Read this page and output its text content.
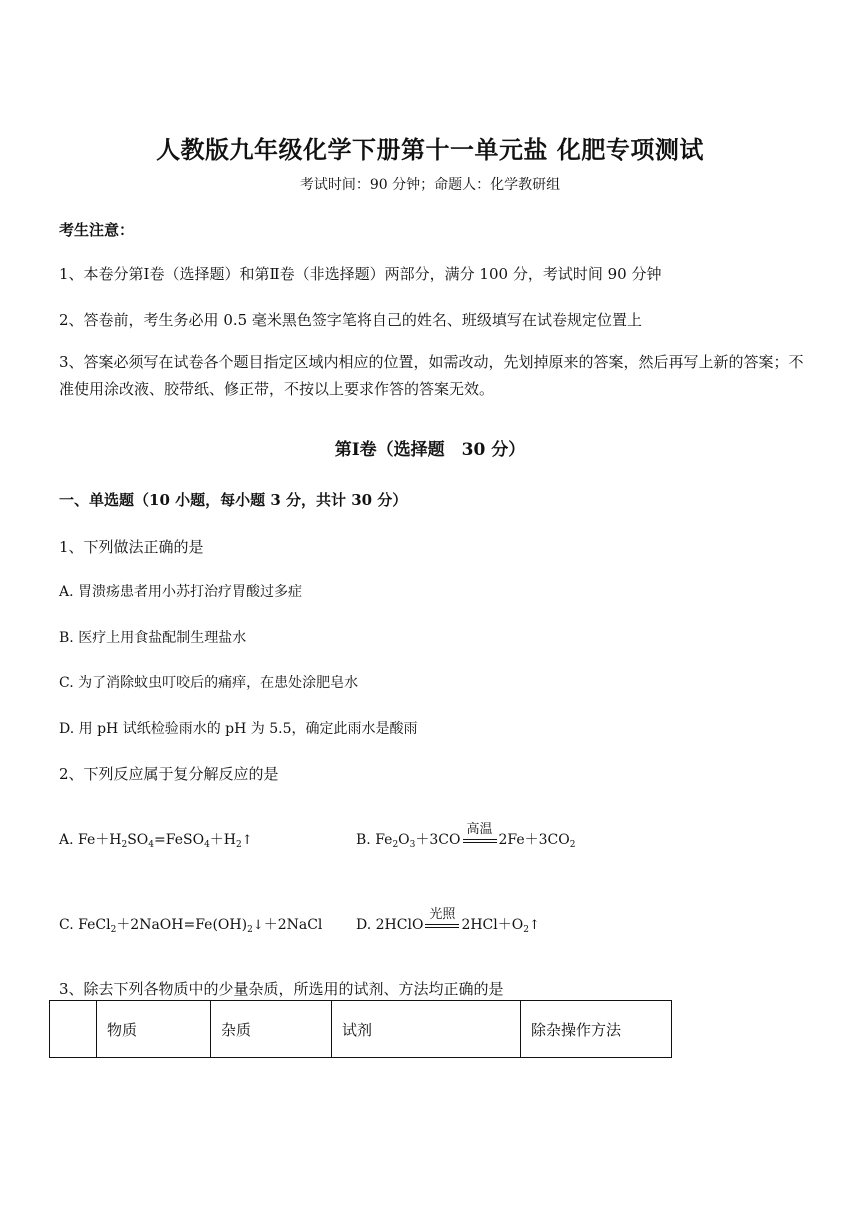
人教版九年级化学下册第十一单元盐 化肥专项测试
考试时间：90 分钟；命题人：化学教研组
考生注意：
1、本卷分第Ⅰ卷（选择题）和第Ⅱ卷（非选择题）两部分，满分 100 分，考试时间 90 分钟
2、答卷前，考生务必用 0.5 毫米黑色签字笔将自己的姓名、班级填写在试卷规定位置上
3、答案必须写在试卷各个题目指定区域内相应的位置，如需改动，先划掉原来的答案，然后再写上新的答案；不准使用涂改液、胶带纸、修正带，不按以上要求作答的答案无效。
第Ⅰ卷（选择题　30 分）
一、单选题（10 小题，每小题 3 分，共计 30 分）
1、下列做法正确的是
A. 胃溃疡患者用小苏打治疗胃酸过多症
B. 医疗上用食盐配制生理盐水
C. 为了消除蚊虫叮咬后的痛痒，在患处涂肥皂水
D. 用 pH 试纸检验雨水的 pH 为 5.5，确定此雨水是酸雨
2、下列反应属于复分解反应的是
A. $Fe+H_2SO_4=FeSO_4+H_2↑$	B. $Fe_2O_3+3CO$
高温
$2Fe+3CO_2$
C. $FeCl_2+2NaOH=Fe(OH)_2↓+2NaCl$ D. 2HClO
光照
$2HCl+O_2↑$
3、除去下列各物质中的少量杂质，所选用的试剂、方法均正确的是
	物质	杂质	试剂	除杂操作方法
